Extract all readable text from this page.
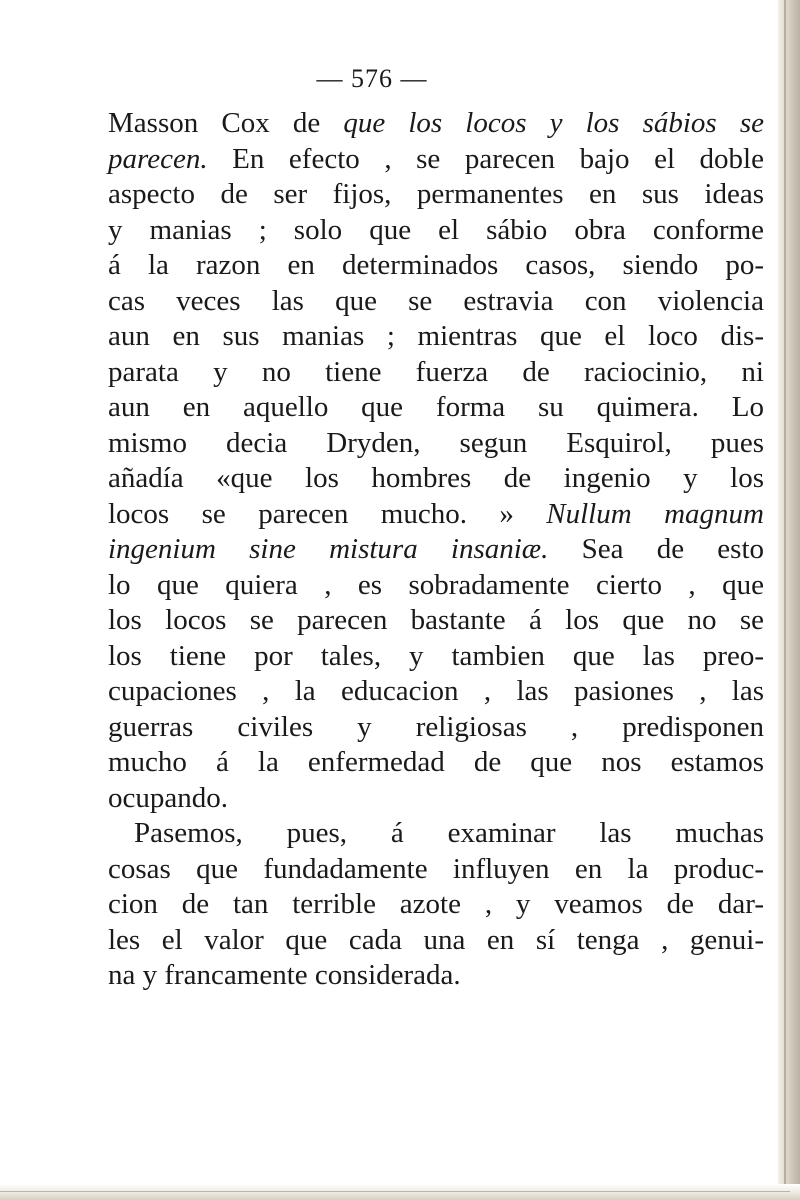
— 576 —
Masson Cox de que los locos y los sábios se
parecen. En efecto , se parecen bajo el doble
aspecto de ser fijos, permanentes en sus ideas
y manias ; solo que el sábio obra conforme
á la razon en determinados casos, siendo po-
cas veces las que se estravia con violencia
aun en sus manias ; mientras que el loco dis-
parata y no tiene fuerza de raciocinio, ni
aun en aquello que forma su quimera. Lo
mismo decia Dryden, segun Esquirol, pues
añadía «que los hombres de ingenio y los
locos se parecen mucho. » Nullum magnum
ingenium sine mistura insaniæ. Sea de esto
lo que quiera , es sobradamente cierto , que
los locos se parecen bastante á los que no se
los tiene por tales, y tambien que las preo-
cupaciones , la educacion , las pasiones , las
guerras civiles y religiosas , predisponen
mucho á la enfermedad de que nos estamos
ocupando.
Pasemos, pues, á examinar las muchas
cosas que fundadamente influyen en la produc-
cion de tan terrible azote , y veamos de dar-
les el valor que cada una en sí tenga , genui-
na y francamente considerada.
